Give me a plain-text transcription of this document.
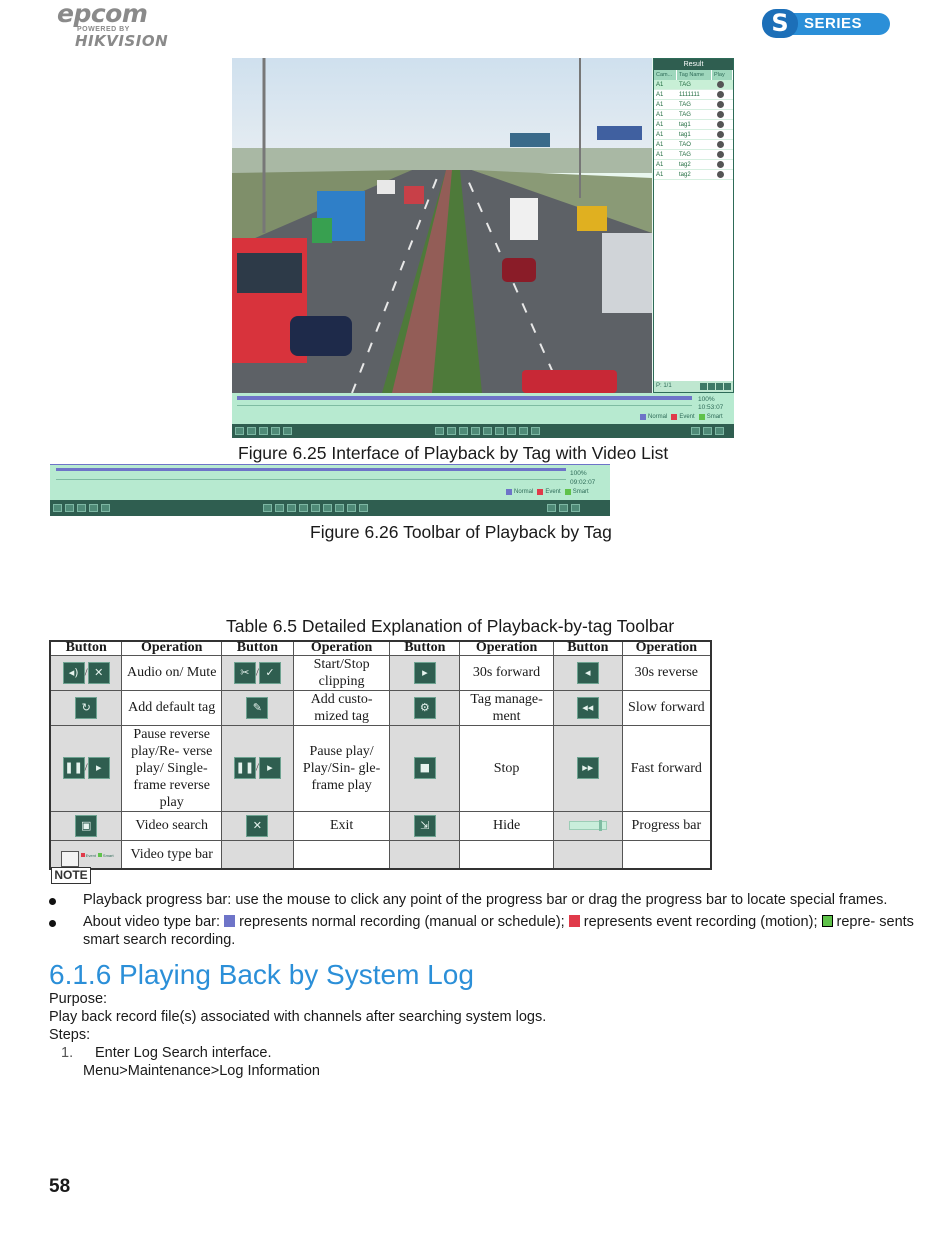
epcom
POWERED BY
HIKVISION
S	SERIES
Result
Cam...	Tag Name	Play
A1	TAG
A1	1111111
A1	TAG
A1	TAG
A1	tag1
A1	tag1
A1	TAO
A1	TAG
A1	tag2
A1	tag2
P: 1/1
100%
10:53:07
Normal Event Smart
Figure 6.25 Interface of Playback by Tag with Video List
100%
09:02:07
Normal Event Smart
Figure 6.26 Toolbar of Playback by Tag
Table 6.5 Detailed Explanation of Playback-by-tag Toolbar
Button	Operation	Button	Operation	Button	Operation	Button	Operation
◂) / ✕	Audio on/ Mute	✂ / ✓	Start/Stop clipping	▸	30s forward	◂	30s reverse
↻	Add default tag	✎	Add custo- mized tag	⚙	Tag manage- ment	◂◂	Slow forward
❚❚ / ▸	Pause reverse play/Re- verse play/ Single-frame reverse play	❚❚ / ▸	Pause play/ Play/Sin- gle-frame play	■	Stop	▸▸	Fast forward
▣	Video search	✕	Exit	⇲	Hide		Progress bar

Event Smart	Video type bar						
NOTE
Playback progress bar: use the mouse to click any point of the progress bar or drag the progress bar to locate special frames.
About video type bar:  represents normal recording (manual or schedule);  represents event recording (motion);  repre- sents smart search recording.
6.1.6 Playing Back by System Log
Purpose:
Play back record file(s) associated with channels after searching system logs.
Steps:
1. Enter Log Search interface.
Menu>Maintenance>Log Information
58
